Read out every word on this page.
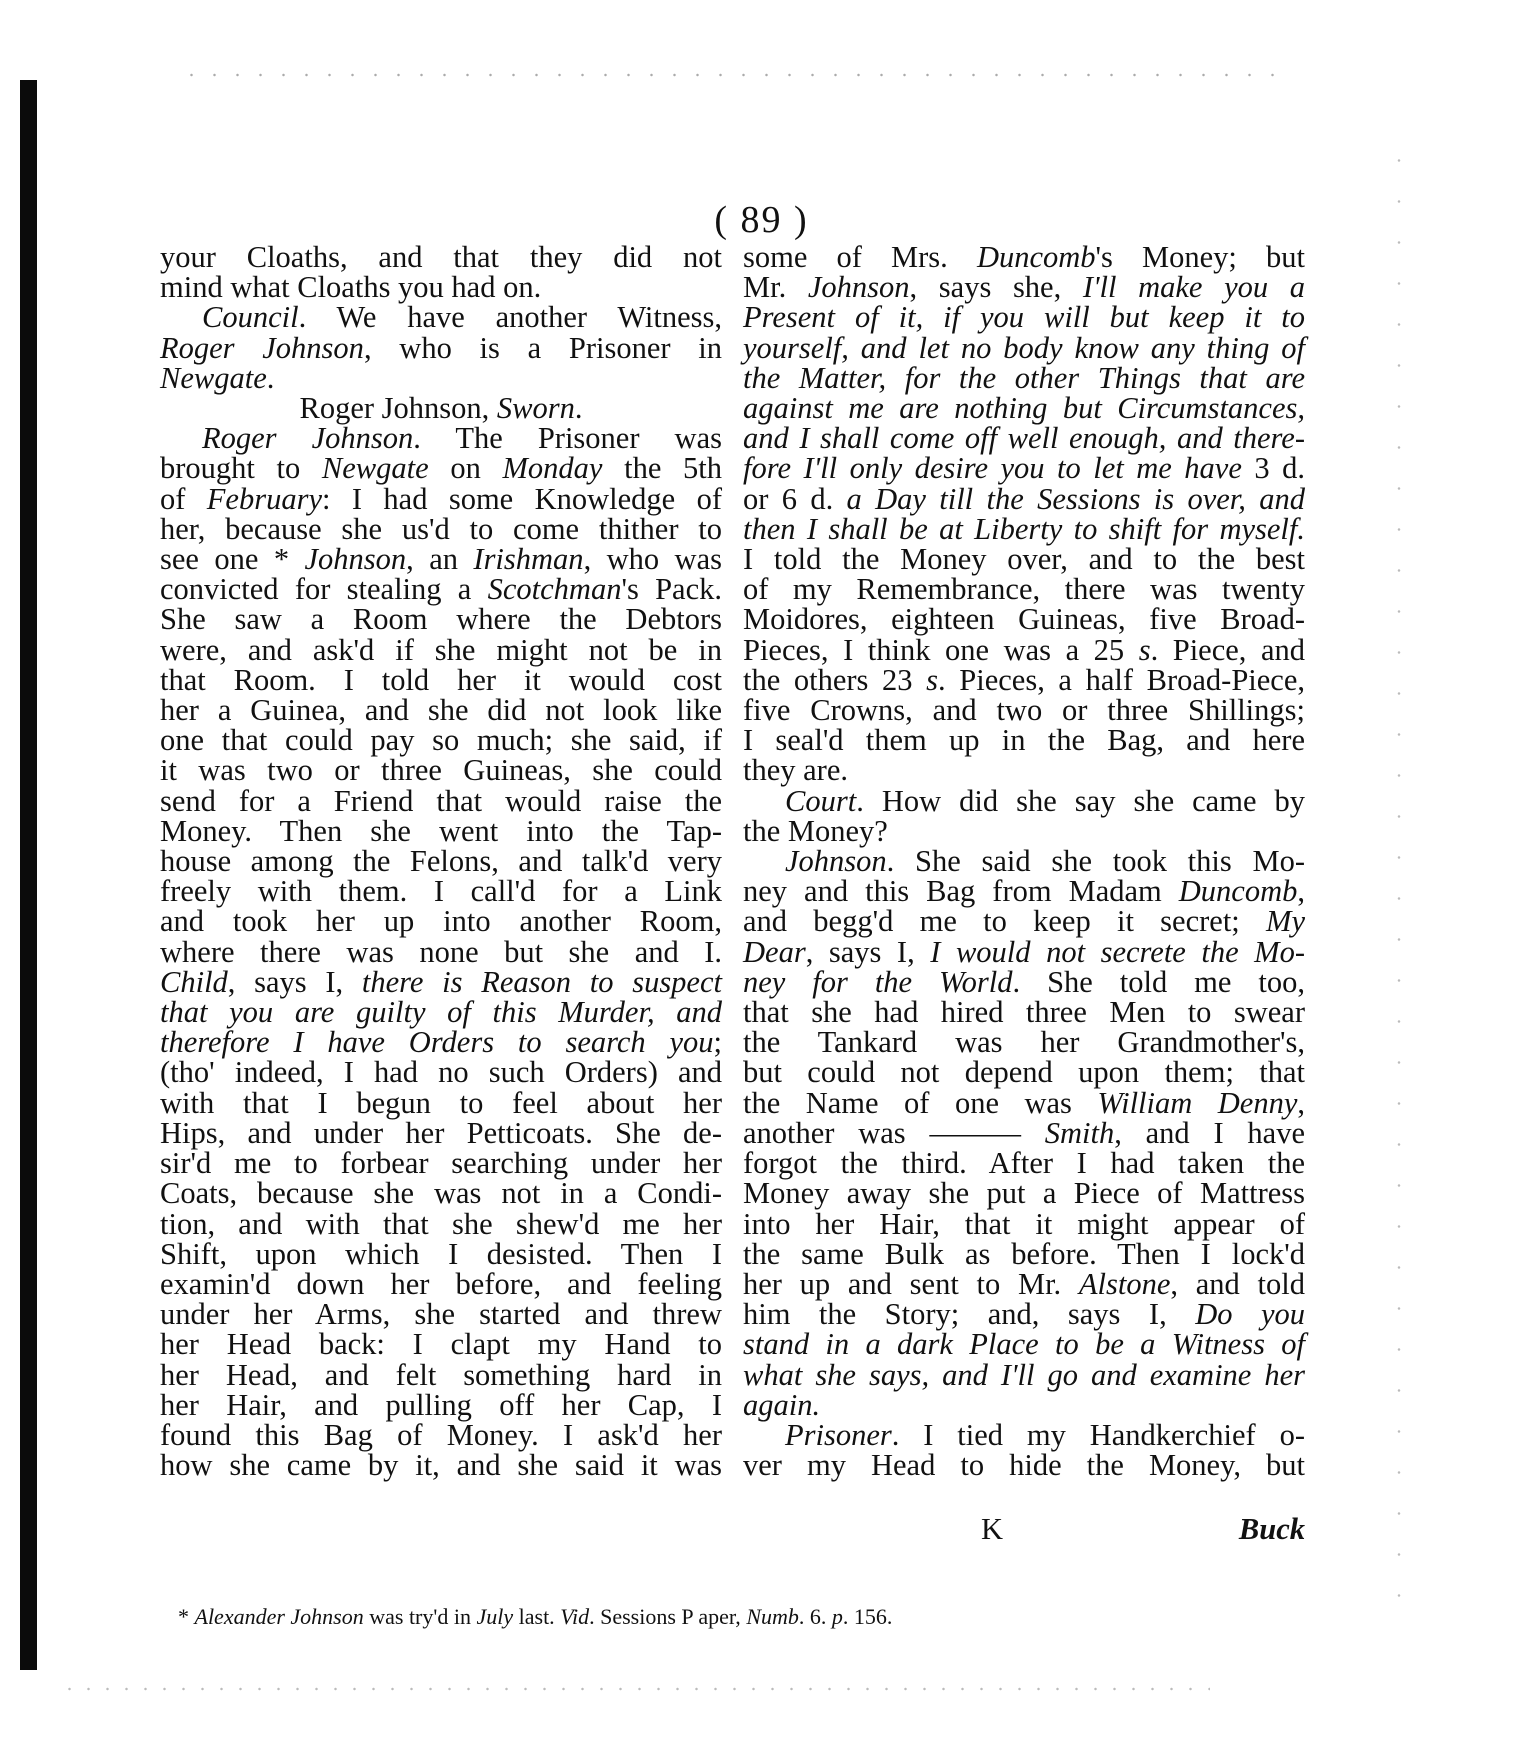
( 89 )
your Cloaths, and that they did not
mind what Cloaths you had on.
Council. We have another Witness,
Roger Johnson, who is a Prisoner in
Newgate.
Roger Johnson, Sworn.
Roger Johnson. The Prisoner was
brought to Newgate on Monday the 5th
of February: I had some Knowledge of
her, because she us'd to come thither to
see one * Johnson, an Irishman, who was
convicted for stealing a Scotchman's Pack.
She saw a Room where the Debtors
were, and ask'd if she might not be in
that Room. I told her it would cost
her a Guinea, and she did not look like
one that could pay so much; she said, if
it was two or three Guineas, she could
send for a Friend that would raise the
Money. Then she went into the Tap-
house among the Felons, and talk'd very
freely with them. I call'd for a Link
and took her up into another Room,
where there was none but she and I.
Child, says I, there is Reason to suspect
that you are guilty of this Murder, and
therefore I have Orders to search you;
(tho' indeed, I had no such Orders) and
with that I begun to feel about her
Hips, and under her Petticoats. She de-
sir'd me to forbear searching under her
Coats, because she was not in a Condi-
tion, and with that she shew'd me her
Shift, upon which I desisted. Then I
examin'd down her before, and feeling
under her Arms, she started and threw
her Head back: I clapt my Hand to
her Head, and felt something hard in
her Hair, and pulling off her Cap, I
found this Bag of Money. I ask'd her
how she came by it, and she said it was
some of Mrs. Duncomb's Money; but
Mr. Johnson, says she, I'll make you a
Present of it, if you will but keep it to
yourself, and let no body know any thing of
the Matter, for the other Things that are
against me are nothing but Circumstances,
and I shall come off well enough, and there-
fore I'll only desire you to let me have 3 d.
or 6 d. a Day till the Sessions is over, and
then I shall be at Liberty to shift for myself.
I told the Money over, and to the best
of my Remembrance, there was twenty
Moidores, eighteen Guineas, five Broad-
Pieces, I think one was a 25 s. Piece, and
the others 23 s. Pieces, a half Broad-Piece,
five Crowns, and two or three Shillings;
I seal'd them up in the Bag, and here
they are.
Court. How did she say she came by
the Money?
Johnson. She said she took this Mo-
ney and this Bag from Madam Duncomb,
and begg'd me to keep it secret; My
Dear, says I, I would not secrete the Mo-
ney for the World. She told me too,
that she had hired three Men to swear
the Tankard was her Grandmother's,
but could not depend upon them; that
the Name of one was William Denny,
another was ——— Smith, and I have
forgot the third. After I had taken the
Money away she put a Piece of Mattress
into her Hair, that it might appear of
the same Bulk as before. Then I lock'd
her up and sent to Mr. Alstone, and told
him the Story; and, says I, Do you
stand in a dark Place to be a Witness of
what she says, and I'll go and examine her
again.
Prisoner. I tied my Handkerchief o-
ver my Head to hide the Money, but
K	Buck
* Alexander Johnson was try'd in July last. Vid. Sessions P aper, Numb. 6. p. 156.
